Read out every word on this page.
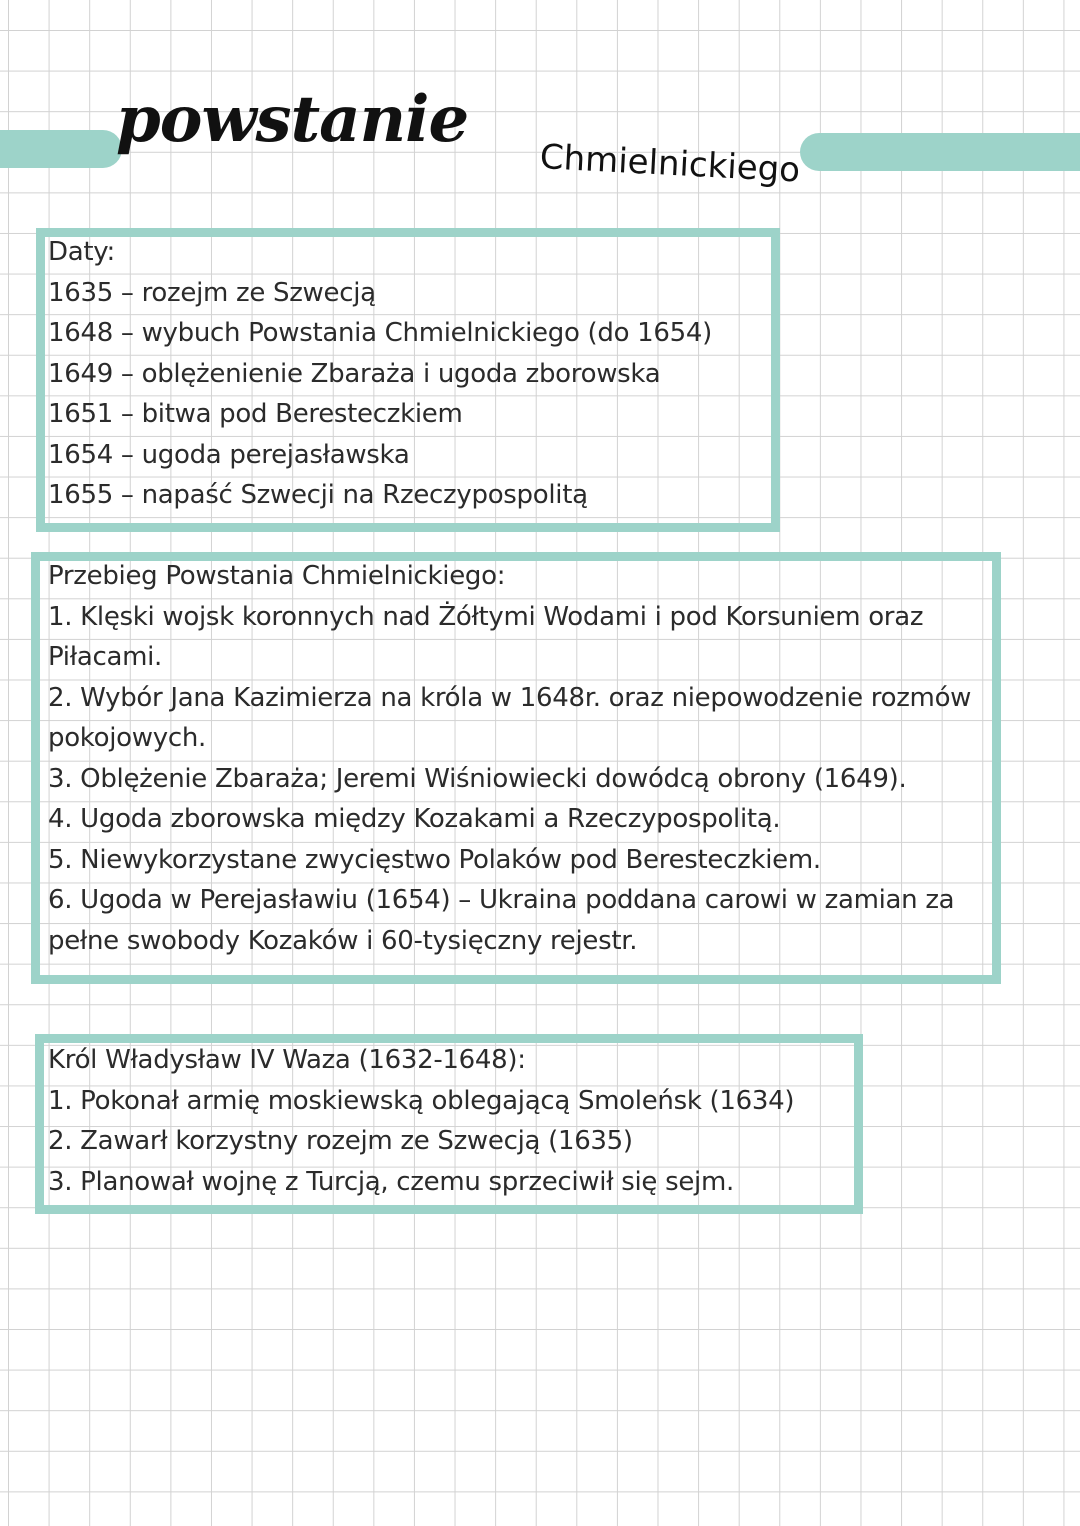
powstanie
Chmielnickiego
Daty:
1635 – rozejm ze Szwecją
1648 – wybuch Powstania Chmielnickiego (do 1654)
1649 – oblężenienie Zbaraża i ugoda zborowska
1651 – bitwa pod Beresteczkiem
1654 – ugoda perejasławska
1655 – napaść Szwecji na Rzeczypospolitą
Przebieg Powstania Chmielnickiego:
1. Klęski wojsk koronnych nad Żółtymi Wodami i pod Korsuniem oraz
Piłacami.
2. Wybór Jana Kazimierza na króla w 1648r. oraz niepowodzenie rozmów
pokojowych.
3. Oblężenie Zbaraża; Jeremi Wiśniowiecki dowódcą obrony (1649).
4. Ugoda zborowska między Kozakami a Rzeczypospolitą.
5. Niewykorzystane zwycięstwo Polaków pod Beresteczkiem.
6. Ugoda w Perejasławiu (1654) – Ukraina poddana carowi w zamian za
pełne swobody Kozaków i 60-tysięczny rejestr.
Król Władysław IV Waza (1632-1648):
1. Pokonał armię moskiewską oblegającą Smoleńsk (1634)
2. Zawarł korzystny rozejm ze Szwecją (1635)
3. Planował wojnę z Turcją, czemu sprzeciwił się sejm.
